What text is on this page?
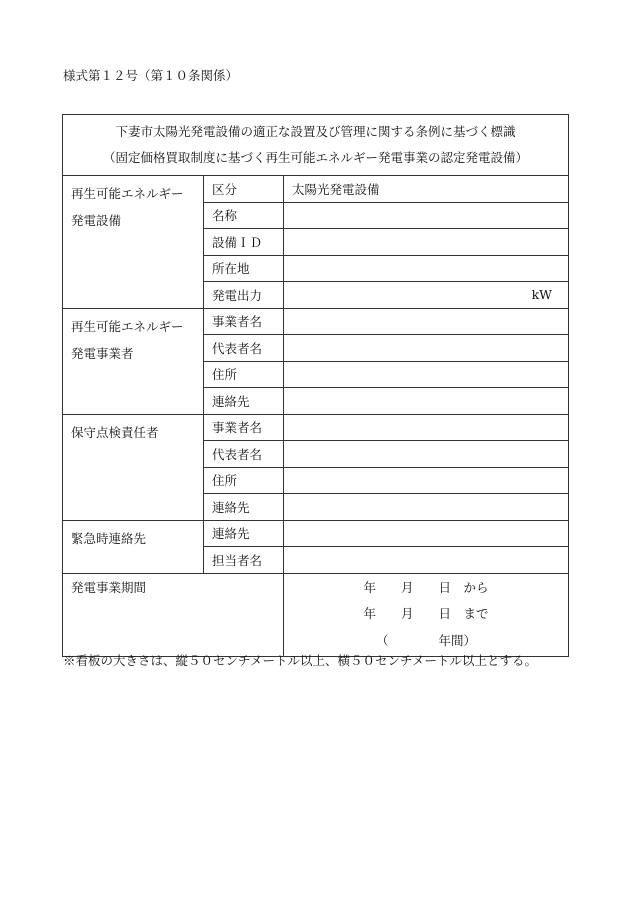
様式第１２号（第１０条関係）
下妻市太陽光発電設備の適正な設置及び管理に関する条例に基づく標識
（固定価格買取制度に基づく再生可能エネルギー発電事業の認定発電設備）		

再生可能エネルギー
発電設備	区分	太陽光発電設備
	名称	
	設備ＩＤ	
	所在地	
	発電出力	kW
再生可能エネルギー
発電事業者	事業者名	
	代表者名	
	住所	
	連絡先	
保守点検責任者	事業者名	
	代表者名	
	住所	
	連絡先	
緊急時連絡先	連絡先	
	担当者名	
発電事業期間		年　　月　　日　から
年　　月　　日　まで
（　　　　年間）
※看板の大きさは、縦５０センチメートル以上、横５０センチメートル以上とする。
